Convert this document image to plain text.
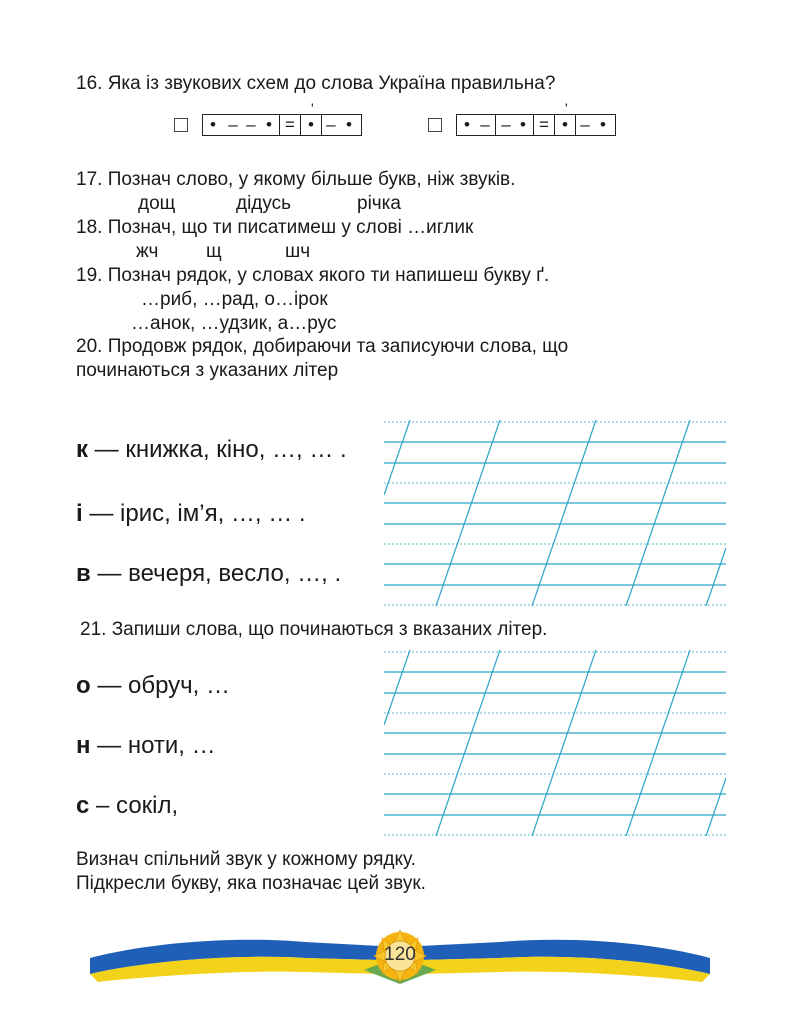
16. Яка із звукових схем до слова Україна правильна?
• – – • = •
ʹ
– •	• – – • = •
ʹ
– •
17. Познач слово, у якому більше букв, ніж звуків.
дощ	дідусь	річка
18. Познач, що ти писатимеш у слові …иглик
жч	щ	шч
19. Познач рядок, у словах якого ти напишеш букву ґ.
…риб, …рад, о…ірок
…анок, …удзик, а…рус
20. Продовж рядок, добираючи та записуючи слова, що
починаються з указаних літер
к — книжка, кіно, …, … .
і — ірис, ім’я, …, … .
в — вечеря, весло, …, .
21. Запиши слова, що починаються з вказаних літер.
о — обруч, …
н — ноти, …
с – сокіл,
Визнач спільний звук у кожному рядку.
Підкресли букву, яка позначає цей звук.
120
